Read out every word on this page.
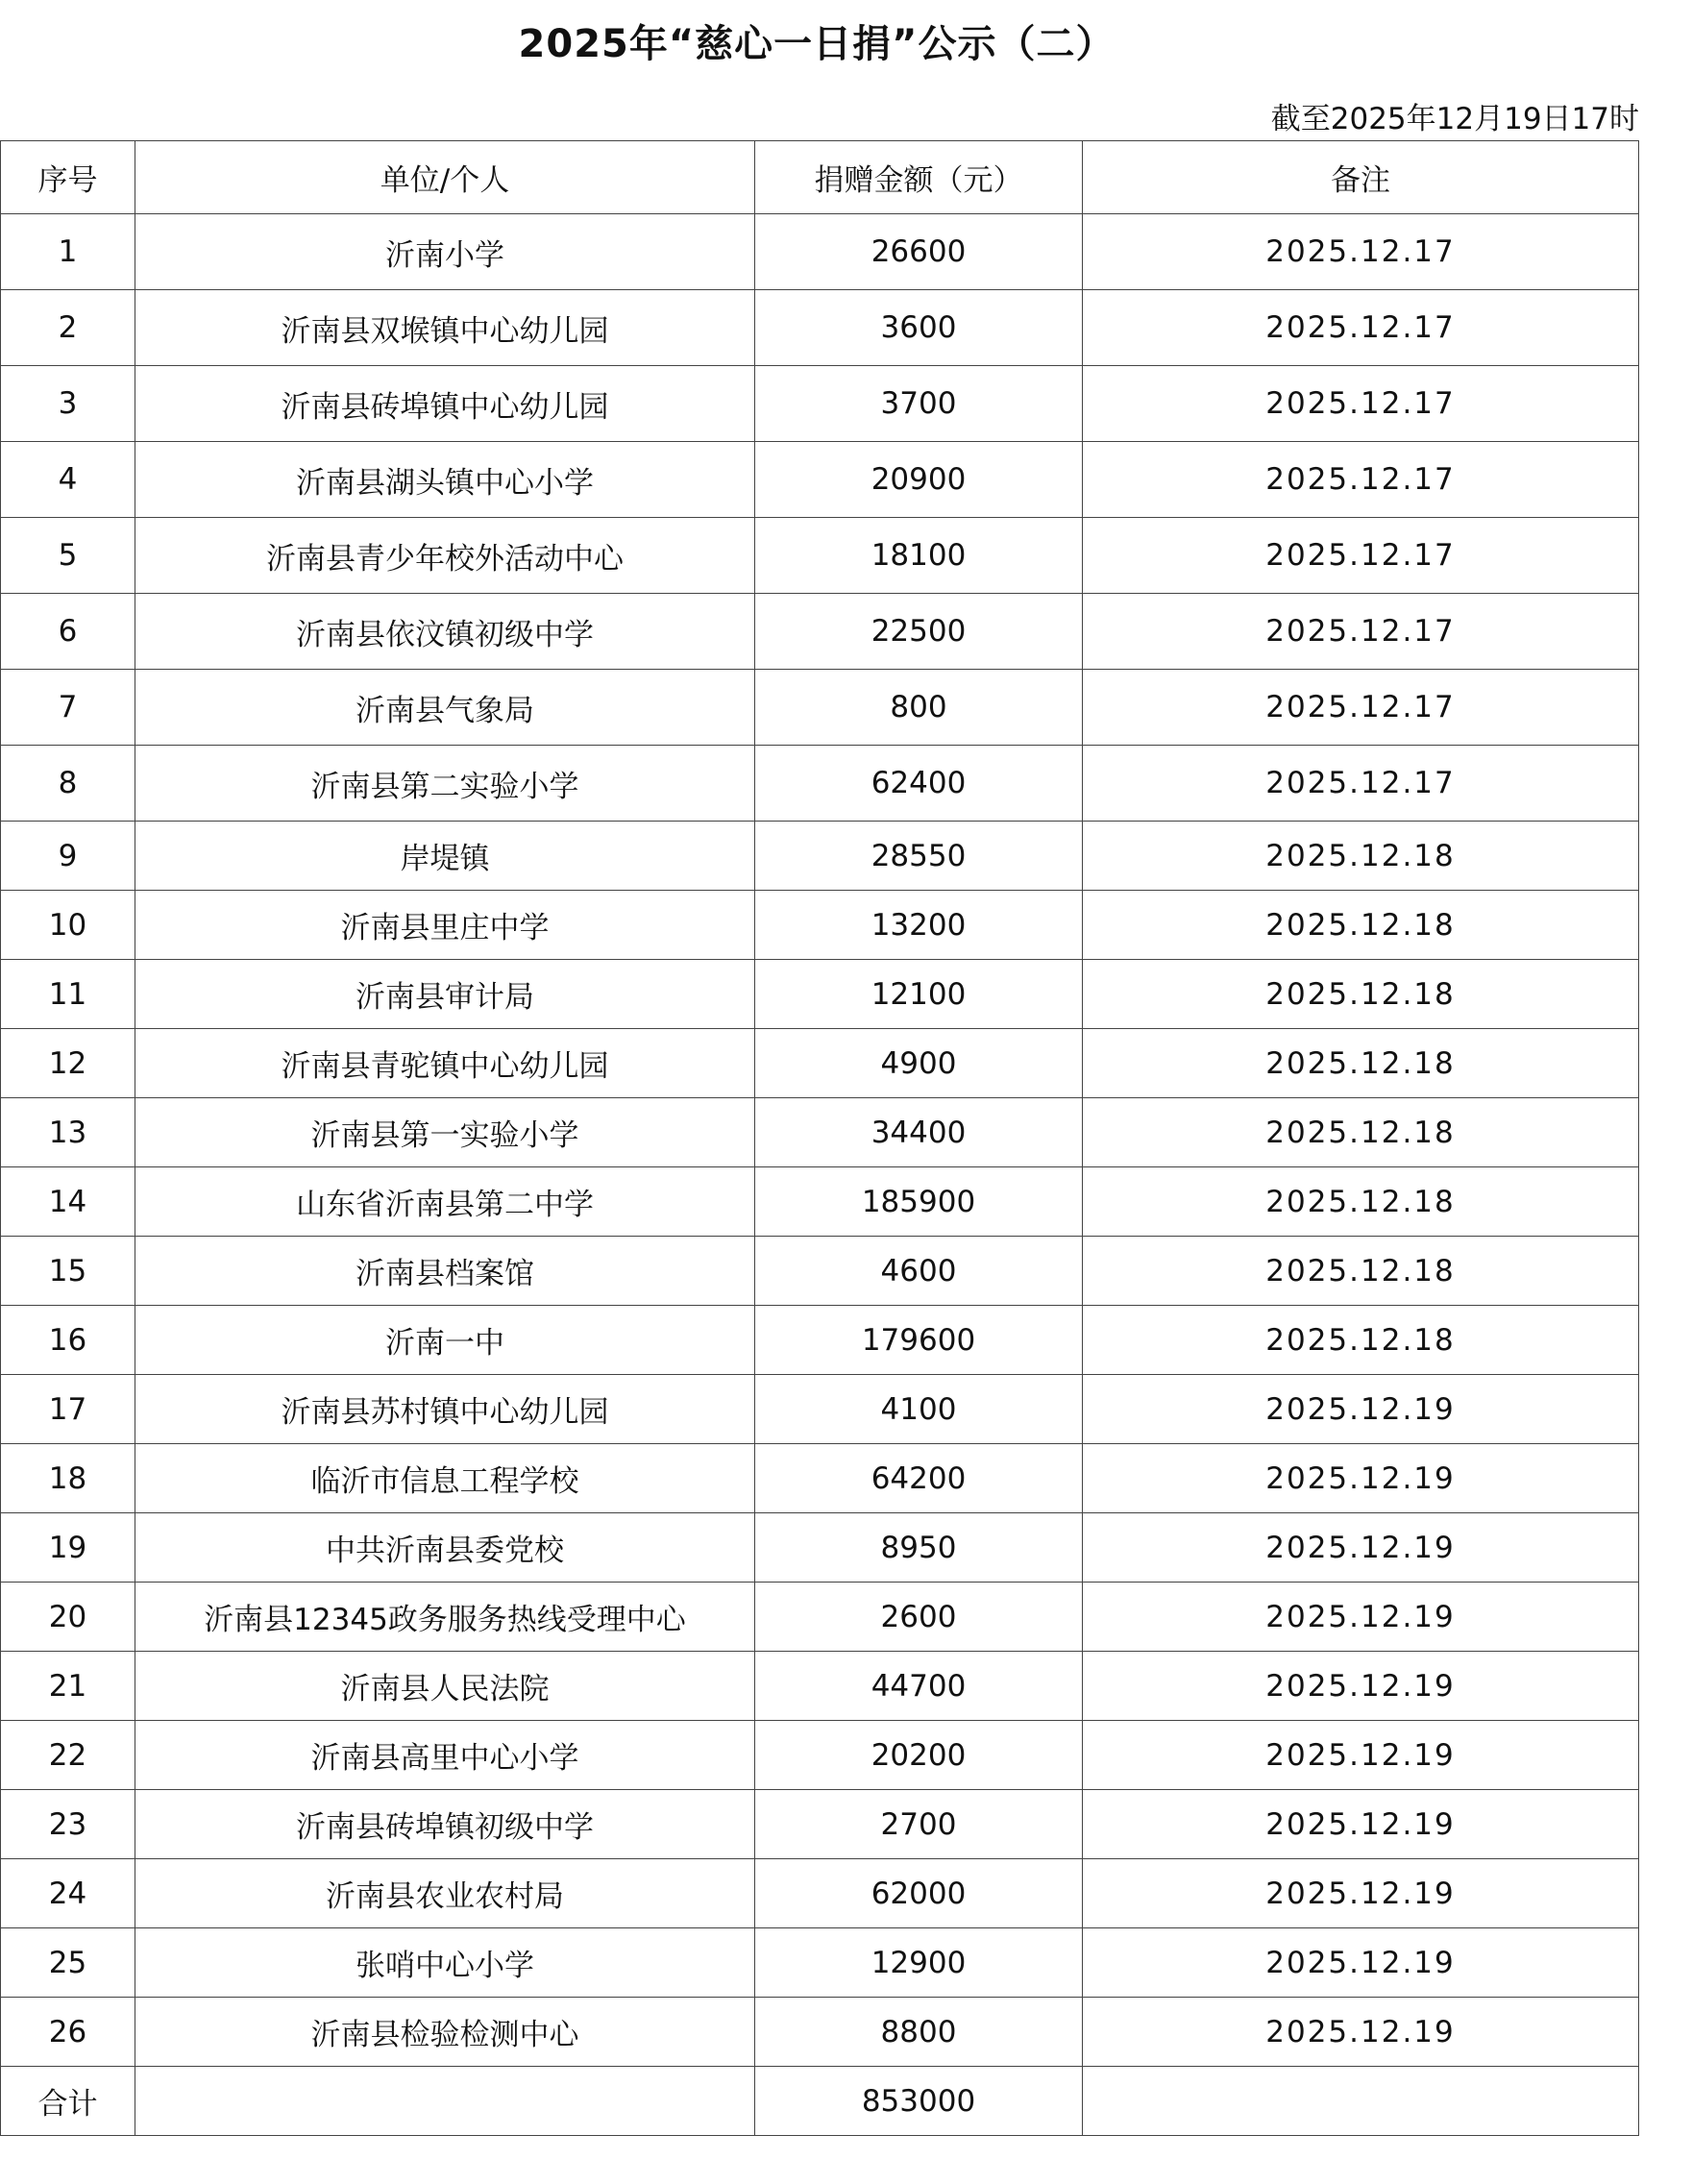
2025年“慈心一日捐”公示（二）
截至2025年12月19日17时
序号	单位/个人	捐赠金额（元）	备注
1	沂南小学	26600	2025.12.17
2	沂南县双堠镇中心幼儿园	3600	2025.12.17
3	沂南县砖埠镇中心幼儿园	3700	2025.12.17
4	沂南县湖头镇中心小学	20900	2025.12.17
5	沂南县青少年校外活动中心	18100	2025.12.17
6	沂南县依汶镇初级中学	22500	2025.12.17
7	沂南县气象局	800	2025.12.17
8	沂南县第二实验小学	62400	2025.12.17
9	岸堤镇	28550	2025.12.18
10	沂南县里庄中学	13200	2025.12.18
11	沂南县审计局	12100	2025.12.18
12	沂南县青驼镇中心幼儿园	4900	2025.12.18
13	沂南县第一实验小学	34400	2025.12.18
14	山东省沂南县第二中学	185900	2025.12.18
15	沂南县档案馆	4600	2025.12.18
16	沂南一中	179600	2025.12.18
17	沂南县苏村镇中心幼儿园	4100	2025.12.19
18	临沂市信息工程学校	64200	2025.12.19
19	中共沂南县委党校	8950	2025.12.19
20	沂南县12345政务服务热线受理中心	2600	2025.12.19
21	沂南县人民法院	44700	2025.12.19
22	沂南县高里中心小学	20200	2025.12.19
23	沂南县砖埠镇初级中学	2700	2025.12.19
24	沂南县农业农村局	62000	2025.12.19
25	张哨中心小学	12900	2025.12.19
26	沂南县检验检测中心	8800	2025.12.19
合计		853000	
